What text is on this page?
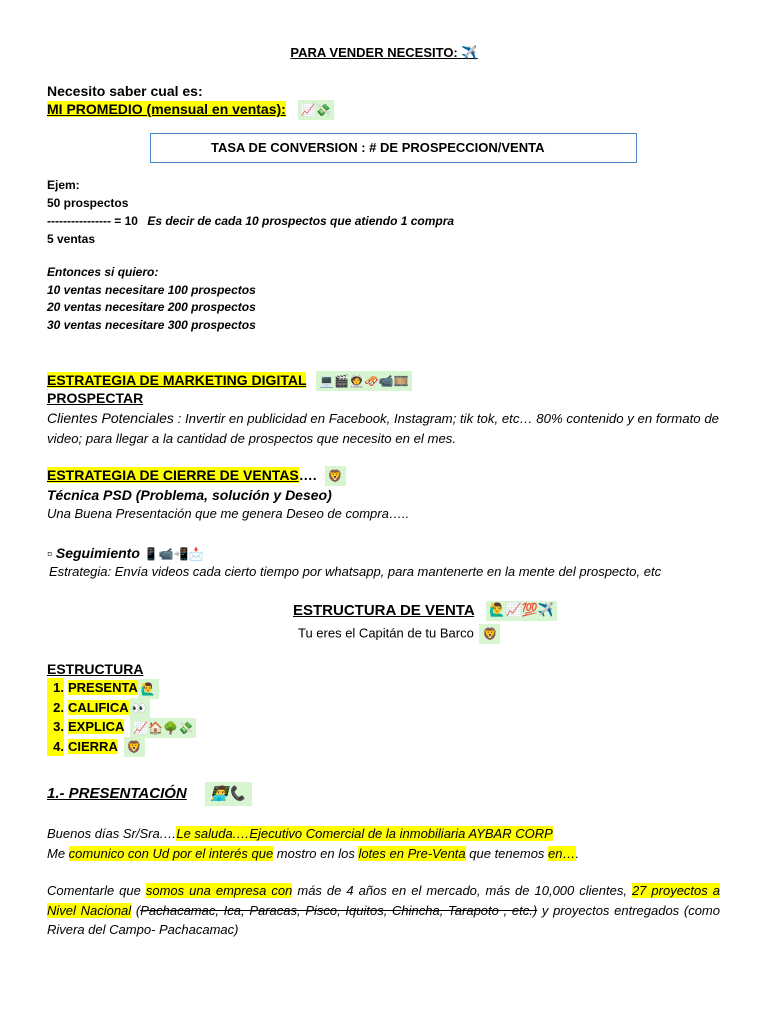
PARA VENDER NECESITO: ✈️
Necesito saber cual es:
MI PROMEDIO (mensual en ventas): 📈💸
TASA DE CONVERSION : # DE PROSPECCION/VENTA
Ejem:
50 prospectos
---------------- = 10 Es decir de cada 10 prospectos que atiendo 1 compra
5 ventas
Entonces si quiero:
10 ventas necesitare 100 prospectos
20 ventas necesitare 200 prospectos
30 ventas necesitare 300 prospectos
ESTRATEGIA DE MARKETING DIGITAL 💻🎬🧑‍🚀🛷📹🎞️
PROSPECTAR
Clientes Potenciales : Invertir en publicidad en Facebook, Instagram; tik tok, etc… 80% contenido y en formato de video; para llegar a la cantidad de prospectos que necesito en el mes.
ESTRATEGIA DE CIERRE DE VENTAS…. 🦁
Técnica PSD (Problema, solución y Deseo)
Una Buena Presentación que me genera Deseo de compra…..
▫ Seguimiento 📱📹📲📩
Estrategia: Envía videos cada cierto tiempo por whatsapp, para mantenerte en la mente del prospecto, etc
ESTRUCTURA DE VENTA 🙋‍♂️📈💯✈️
Tu eres el Capitán de tu Barco 🦁
ESTRUCTURA
1. PRESENTA 🙋‍♂️
2. CALIFICA 👀
3. EXPLICA 📈🏠🌳💸
4. CIERRA 🦁
1.- PRESENTACIÓN 👨‍💻📞
Buenos días Sr/Sra.…Le saluda.…Ejecutivo Comercial de la inmobiliaria AYBAR CORP
Me comunico con Ud por el interés que mostro en los lotes en Pre-Venta que tenemos en….
Comentarle que somos una empresa con más de 4 años en el mercado, más de 10,000 clientes, 27 proyectos a Nivel Nacional (Pachacamac, Ica, Paracas, Pisco, Iquitos, Chincha, Tarapoto , etc.) y proyectos entregados (como Rivera del Campo- Pachacamac)
